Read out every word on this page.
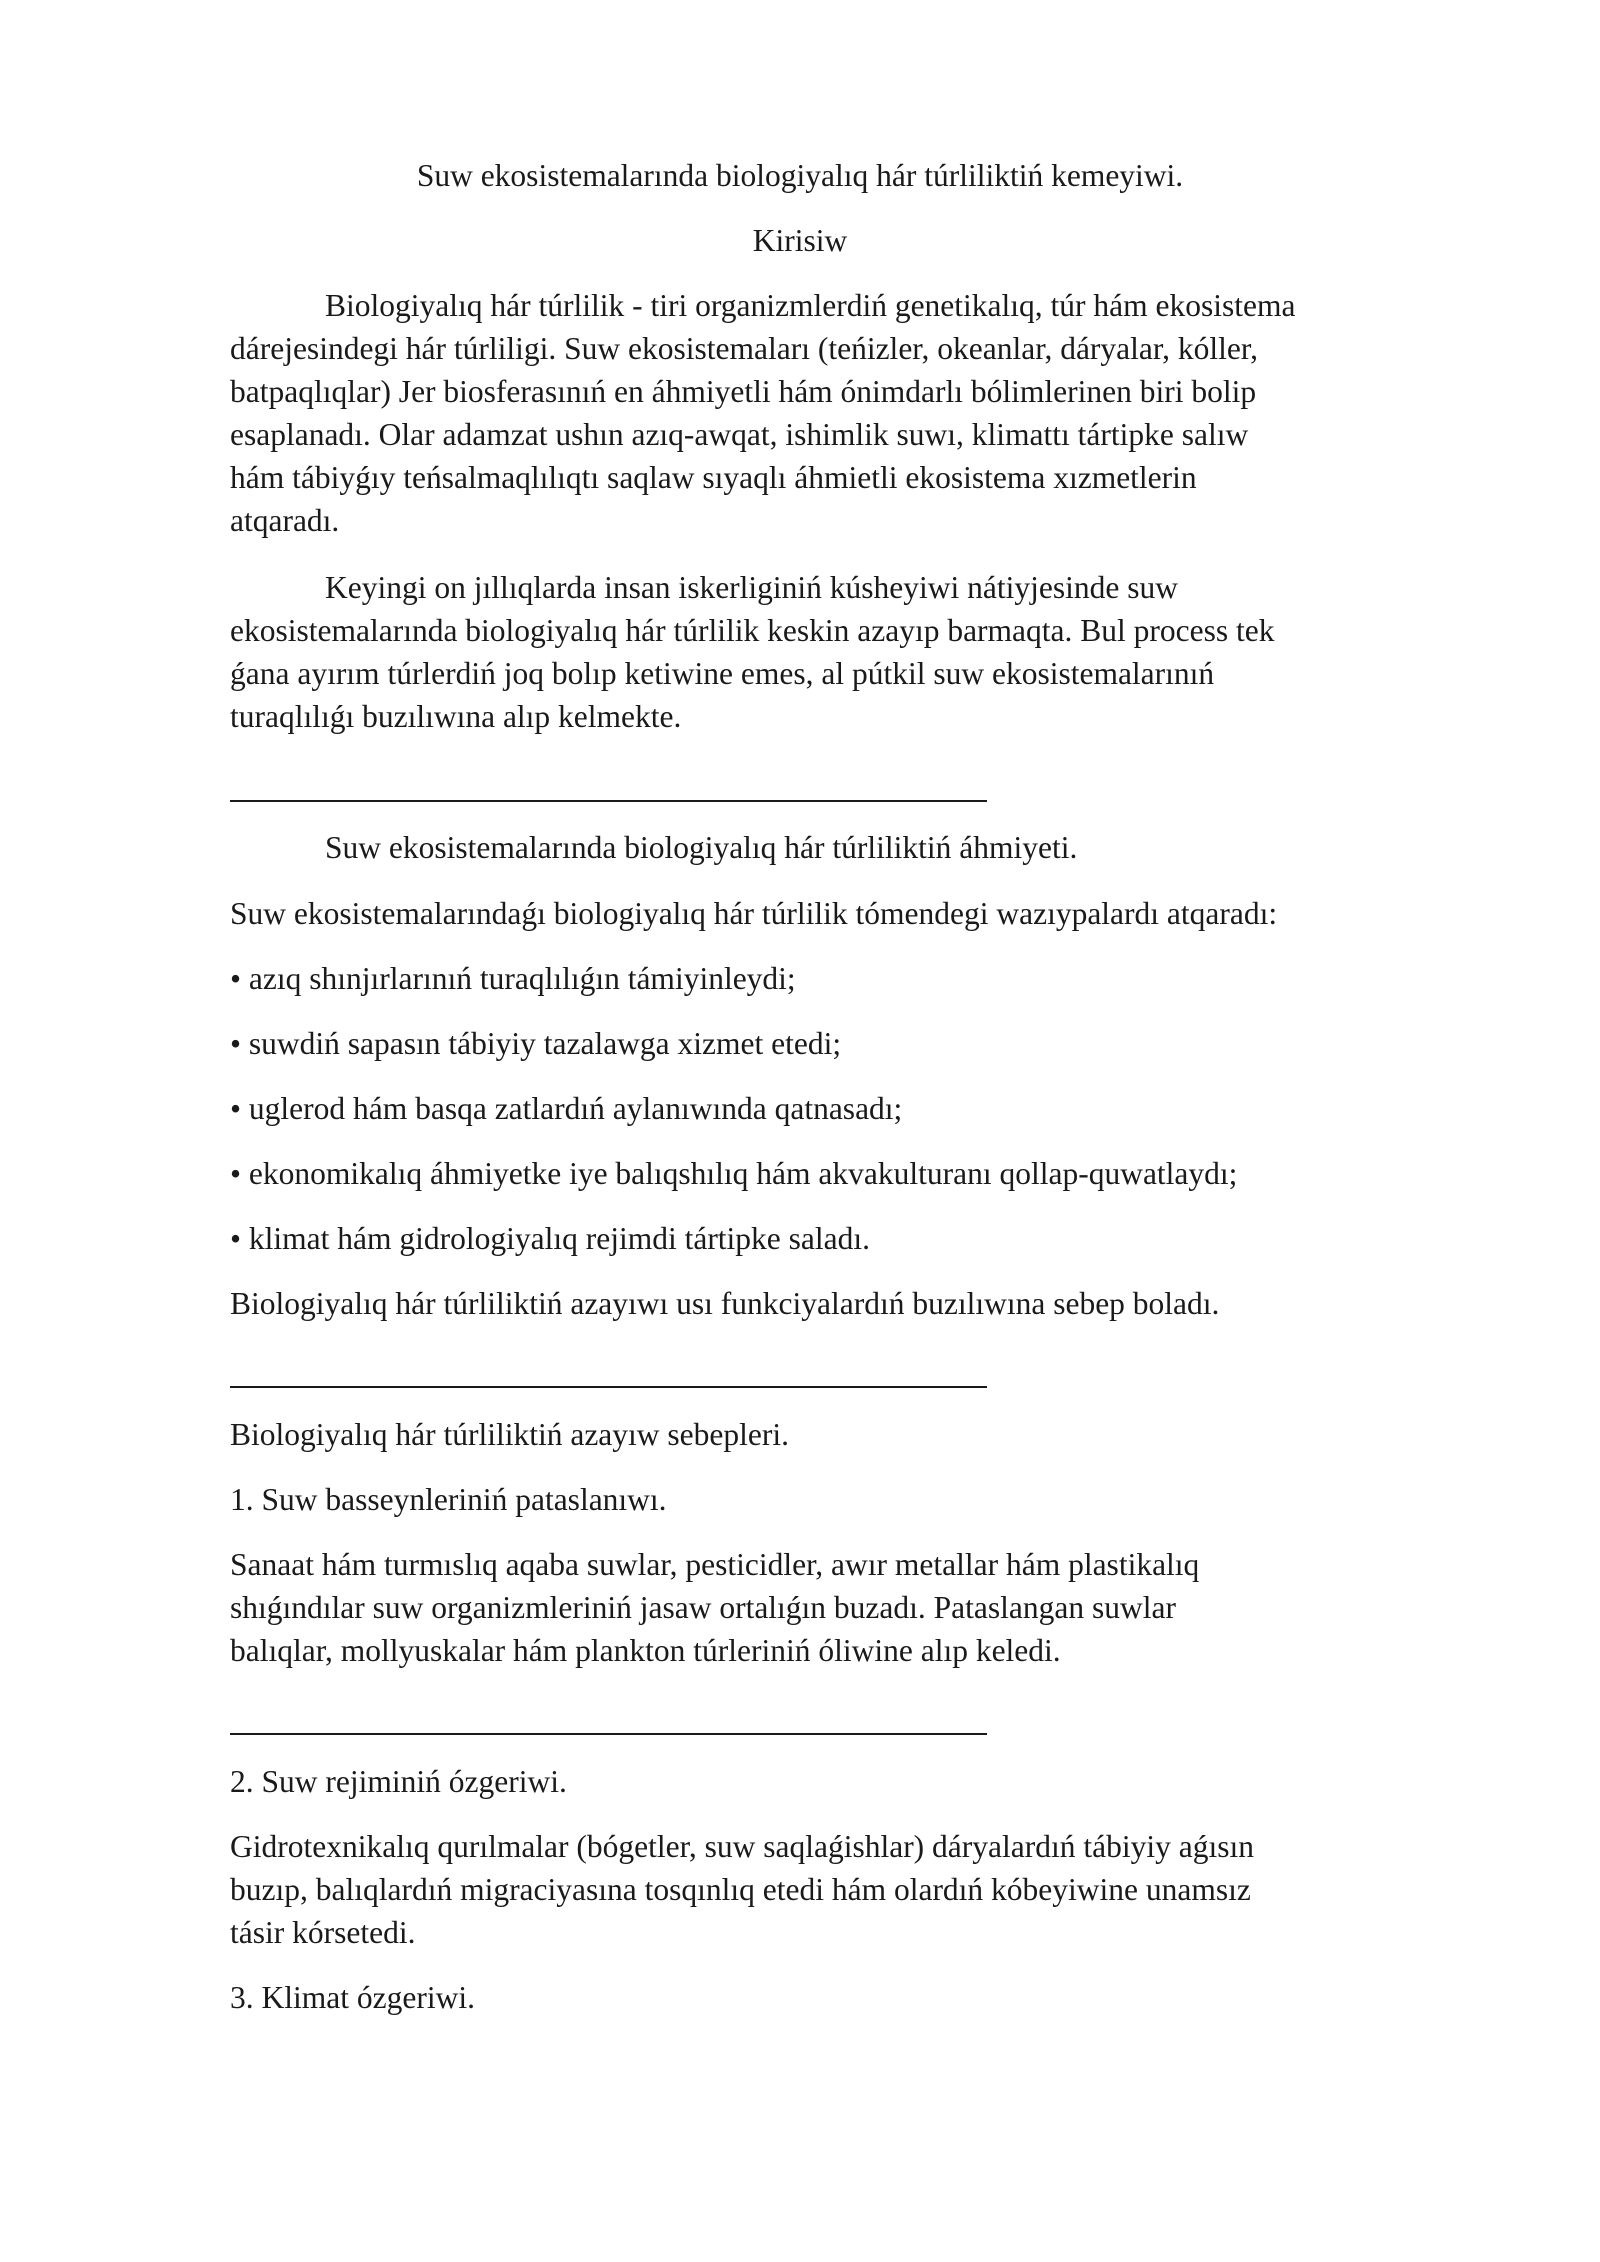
Suw ekosistemalarında biologiyalıq hár túrliliktiń kemeyiwi.

Kirisiw

Biologiyalıq hár túrlilik - tiri organizmlerdiń genetikalıq, túr hám ekosistema

dárejesindegi hár túrliligi. Suw ekosistemaları (teńizler, okeanlar, dáryalar, kóller,

batpaqlıqlar) Jer biosferasınıń en áhmiyetli hám ónimdarlı bólimlerinen biri bolip

esaplanadı. Olar adamzat ushın azıq-awqat, ishimlik suwı, klimattı tártipke salıw

hám tábiyǵıy teńsalmaqlılıqtı saqlaw sıyaqlı áhmietli ekosistema xızmetlerin

atqaradı.

Keyingi on jıllıqlarda insan iskerliginiń kúsheyiwi nátiyjesinde suw

ekosistemalarında biologiyalıq hár túrlilik keskin azayıp barmaqta. Bul process tek

ǵana ayırım túrlerdiń joq bolıp ketiwine emes, al pútkil suw ekosistemalarınıń

turaqlılıǵı buzılıwına alıp kelmekte.

Suw ekosistemalarında biologiyalıq hár túrliliktiń áhmiyeti.

Suw ekosistemalarındaǵı biologiyalıq hár túrlilik tómendegi wazıypalardı atqaradı:

• azıq shınjırlarınıń turaqlılıǵın támiyinleydi;

• suwdiń sapasın tábiyiy tazalawga xizmet etedi;

• uglerod hám basqa zatlardıń aylanıwında qatnasadı;

• ekonomikalıq áhmiyetke iye balıqshılıq hám akvakulturanı qollap-quwatlaydı;

• klimat hám gidrologiyalıq rejimdi tártipke saladı.

Biologiyalıq hár túrliliktiń azayıwı usı funkciyalardıń buzılıwına sebep boladı.

Biologiyalıq hár túrliliktiń azayıw sebepleri.

1. Suw basseynleriniń pataslanıwı.

Sanaat hám turmıslıq aqaba suwlar, pesticidler, awır metallar hám plastikalıq

shıǵındılar suw organizmleriniń jasaw ortalıǵın buzadı. Pataslangan suwlar

balıqlar, mollyuskalar hám plankton túrleriniń óliwine alıp keledi.

2. Suw rejiminiń ózgeriwi.

Gidrotexnikalıq qurılmalar (bógetler, suw saqlaǵishlar) dáryalardıń tábiyiy aǵısın

buzıp, balıqlardıń migraciyasına tosqınlıq etedi hám olardıń kóbeyiwine unamsız

tásir kórsetedi.

3. Klimat ózgeriwi.
